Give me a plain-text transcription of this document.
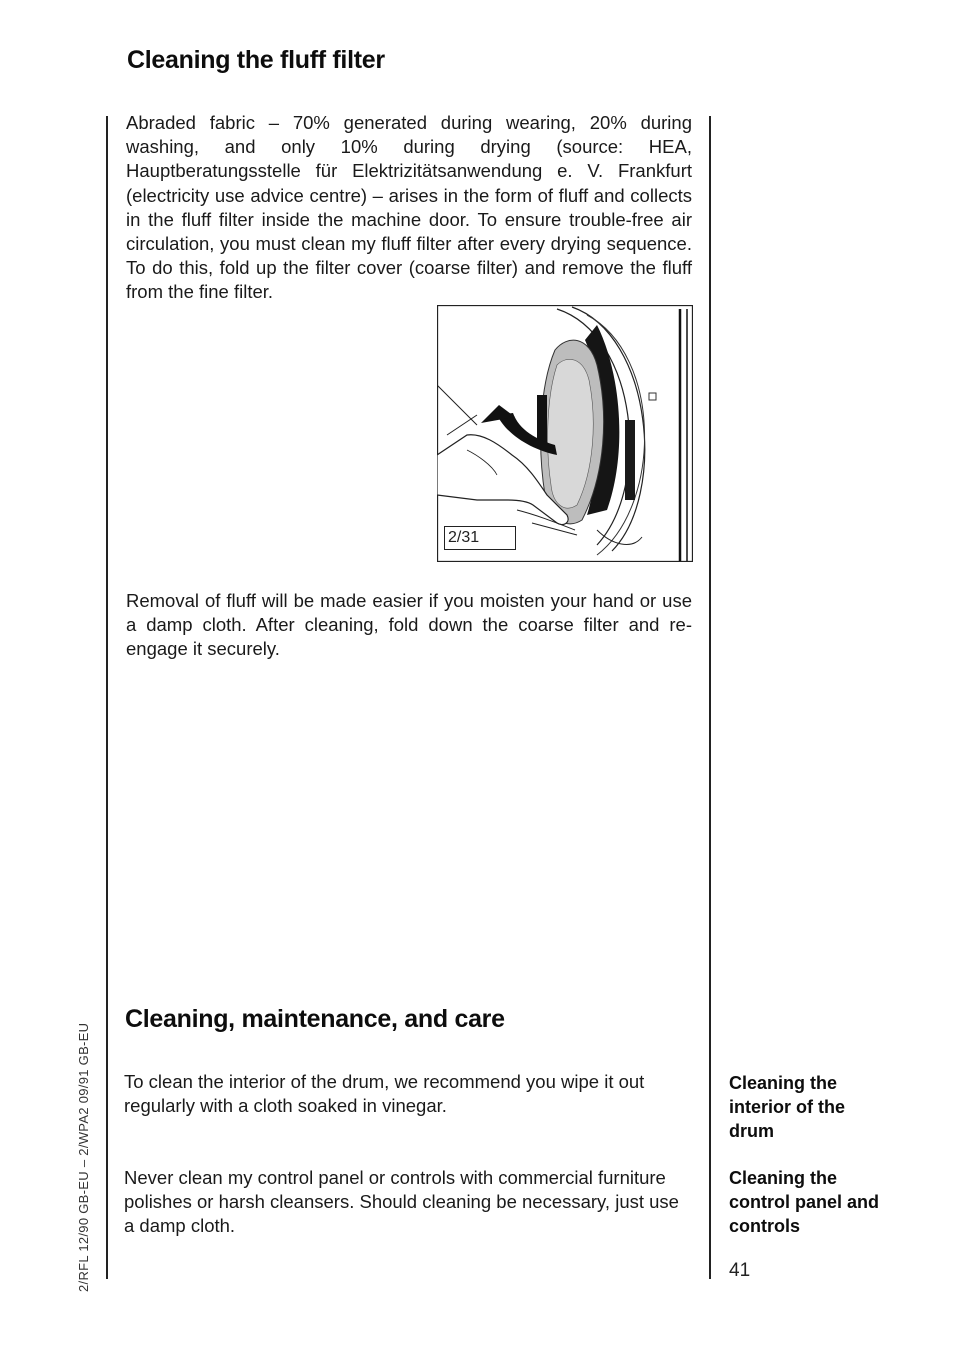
Cleaning the fluff filter

Abraded fabric – 70% generated during wearing, 20% during washing, and only 10% during drying (source: HEA, Hauptberatungsstelle für Elektrizitätsanwendung e. V. Frankfurt (electricity use advice centre) – arises in the form of fluff and collects in the fluff filter inside the machine door. To ensure trouble-free air circulation, you must clean my fluff filter after every drying sequence. To do this, fold up the filter cover (coarse filter) and remove the fluff from the fine filter.

2/31

Removal of fluff will be made easier if you moisten your hand or use a damp cloth. After cleaning, fold down the coarse filter and re-engage it securely.

Cleaning, maintenance, and care

To clean the interior of the drum, we recommend you wipe it out regularly with a cloth soaked in vinegar.

Never clean my control panel or controls with commercial furniture polishes or harsh cleansers. Should cleaning be necessary, just use a damp cloth.

Cleaning the interior of the drum

Cleaning the control panel and controls

41
2/RFL 12/90 GB-EU – 2/WPA2 09/91 GB-EU
